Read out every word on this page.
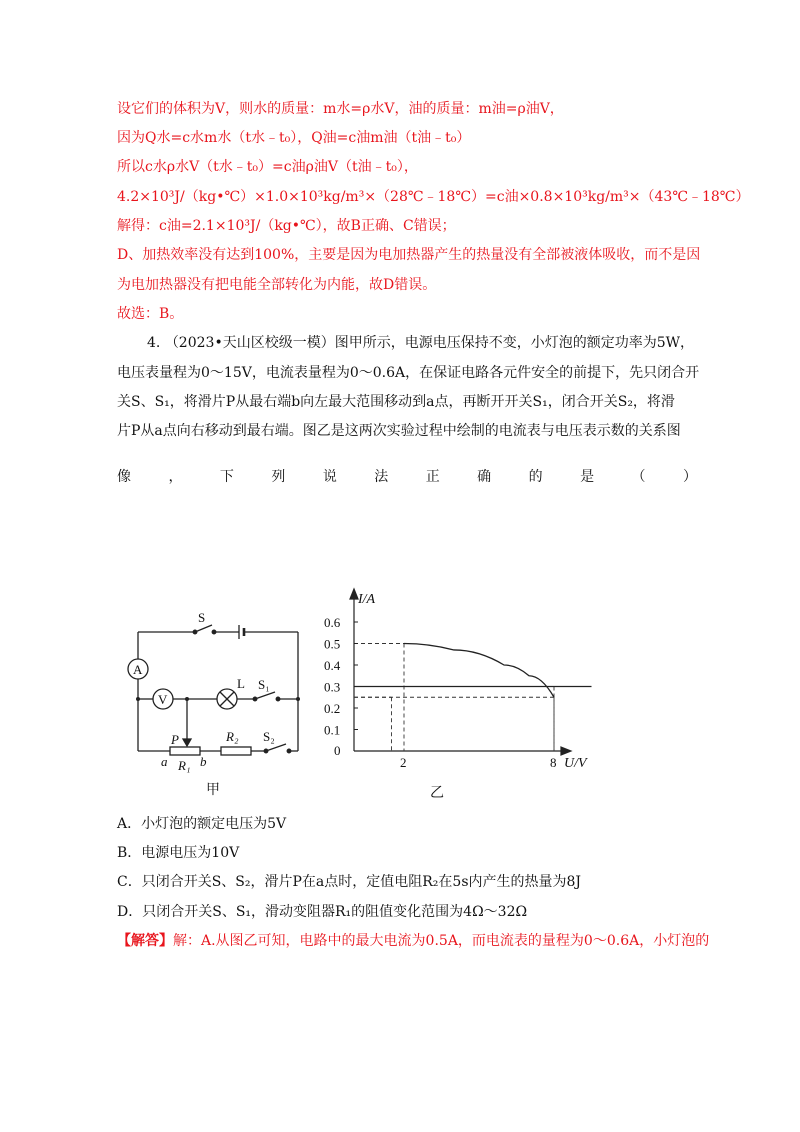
设它们的体积为V，则水的质量：m水=ρ水V，油的质量：m油=ρ油V，
因为Q水=c水m水（t水﹣t₀），Q油=c油m油（t油﹣t₀）
所以c水ρ水V（t水﹣t₀）=c油ρ油V（t油﹣t₀），
4.2×10³J/（kg•℃）×1.0×10³kg/m³×（28℃﹣18℃）=c油×0.8×10³kg/m³×（43℃﹣18℃）
解得：c油=2.1×10³J/（kg•℃），故B正确、C错误；
D、加热效率没有达到100%，主要是因为电加热器产生的热量没有全部被液体吸收，而不是因
为电加热器没有把电能全部转化为内能，故D错误。
故选：B。
4. （2023•天山区校级一模）图甲所示，电源电压保持不变，小灯泡的额定功率为5W，
电压表量程为0～15V，电流表量程为0～0.6A，在保证电路各元件安全的前提下，先只闭合开
关S、S₁，将滑片P从最右端b向左最大范围移动到a点，再断开开关S₁，闭合开关S₂，将滑
片P从a点向右移动到最右端。图乙是这两次实验过程中绘制的电流表与电压表示数的关系图
像	，	下	列	说	法	正	确	的	是	（	）
A
V
S
L S₁
P	R₂ S₂
a R₁ b
甲
0.1
0.2
0.3
0.4
0.5
0.6
2	8
I/A
U/V
0
乙
A．小灯泡的额定电压为5V
B．电源电压为10V
C．只闭合开关S、S₂，滑片P在a点时，定值电阻R₂在5s内产生的热量为8J
D．只闭合开关S、S₁，滑动变阻器R₁的阻值变化范围为4Ω～32Ω
【解答】解：A.从图乙可知，电路中的最大电流为0.5A，而电流表的量程为0～0.6A，小灯泡的
